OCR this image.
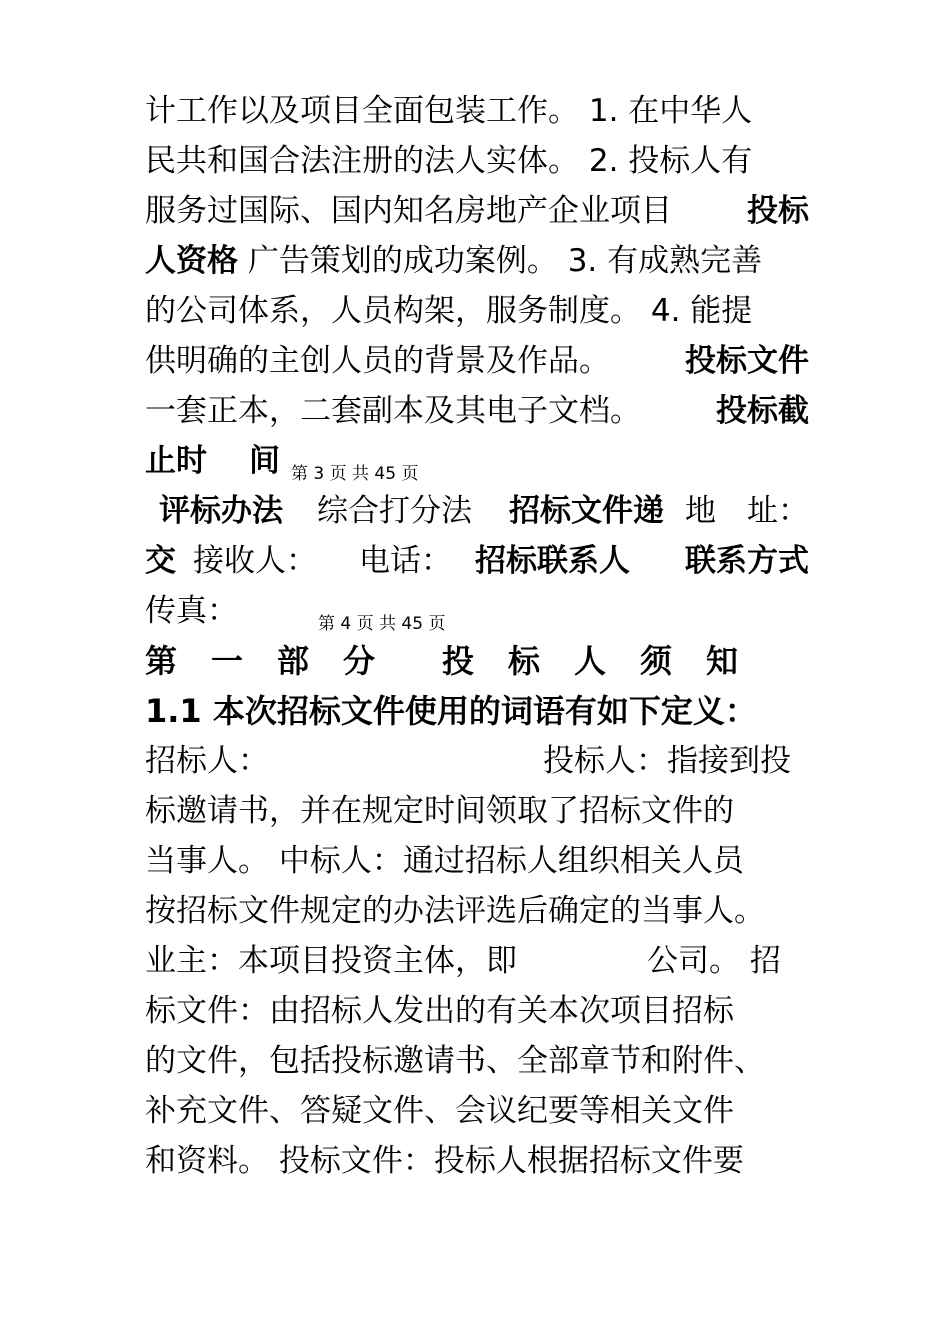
计工作以及项目全面包装工作。 1. 在中华人
民共和国合法注册的法人实体。 2. 投标人有
服务过国际、国内知名房地产企业项目 投标
人资格 广告策划的成功案例。 3. 有成熟完善
的公司体系，人员构架，服务制度。 4. 能提
供明确的主创人员的背景及作品。 投标文件
一套正本，二套副本及其电子文档。 投标截
止时 间 第 3 页 共 45 页
评标办法 综合打分法 招标文件递 地　址：
交 接收人： 电话： 招标联系人 联系方式
传真：	第 4 页 共 45 页
第　一　部　分　　投　标　人　须　知
1.1 本次招标文件使用的词语有如下定义：
招标人：	投标人：指接到投
标邀请书，并在规定时间领取了招标文件的
当事人。 中标人：通过招标人组织相关人员
按招标文件规定的办法评选后确定的当事人。
业主：本项目投资主体，即	公司。 招
标文件：由招标人发出的有关本次项目招标
的文件，包括投标邀请书、全部章节和附件、
补充文件、答疑文件、会议纪要等相关文件
和资料。 投标文件：投标人根据招标文件要
